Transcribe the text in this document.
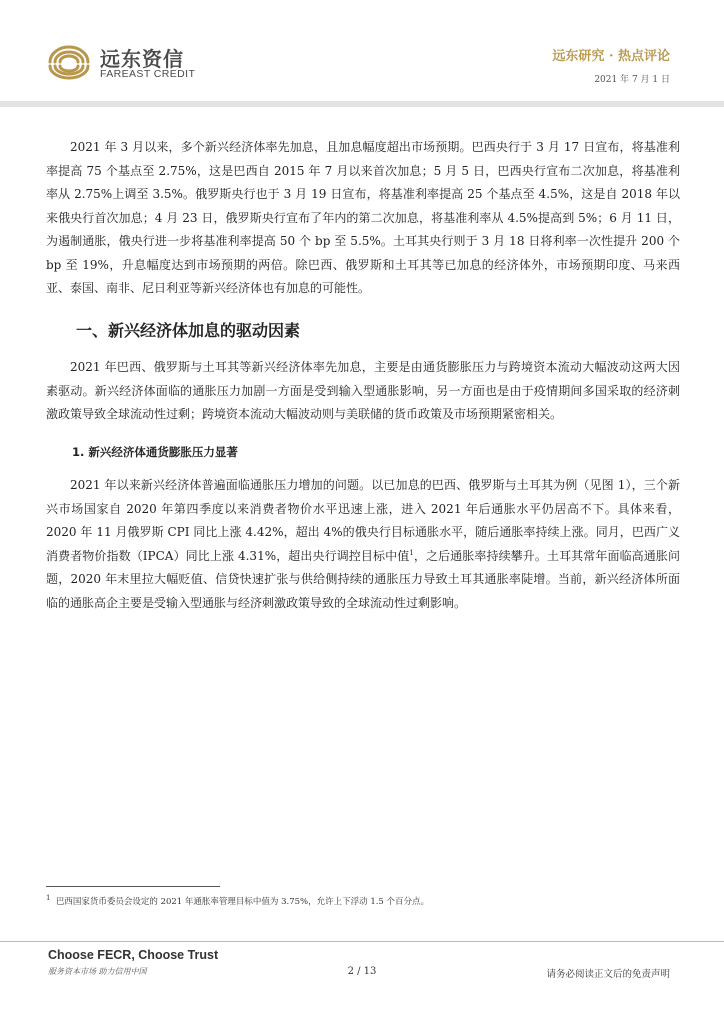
远东资信
FAREAST CREDIT
远东研究 · 热点评论
2021 年 7 月 1 日

2021 年 3 月以来，多个新兴经济体率先加息，且加息幅度超出市场预期。巴西央行于 3 月 17 日宣布，将基准利率提高 75 个基点至 2.75%，这是巴西自 2015 年 7 月以来首次加息；5 月 5 日，巴西央行宣布二次加息，将基准利率从 2.75%上调至 3.5%。俄罗斯央行也于 3 月 19 日宣布，将基准利率提高 25 个基点至 4.5%，这是自 2018 年以来俄央行首次加息；4 月 23 日，俄罗斯央行宣布了年内的第二次加息，将基准利率从 4.5%提高到 5%；6 月 11 日，为遏制通胀，俄央行进一步将基准利率提高 50 个 bp 至 5.5%。土耳其央行则于 3 月 18 日将利率一次性提升 200 个 bp 至 19%，升息幅度达到市场预期的两倍。除巴西、俄罗斯和土耳其等已加息的经济体外，市场预期印度、马来西亚、泰国、南非、尼日利亚等新兴经济体也有加息的可能性。

一、新兴经济体加息的驱动因素

2021 年巴西、俄罗斯与土耳其等新兴经济体率先加息，主要是由通货膨胀压力与跨境资本流动大幅波动这两大因素驱动。新兴经济体面临的通胀压力加剧一方面是受到输入型通胀影响，另一方面也是由于疫情期间多国采取的经济刺激政策导致全球流动性过剩；跨境资本流动大幅波动则与美联储的货币政策及市场预期紧密相关。

1. 新兴经济体通货膨胀压力显著

2021 年以来新兴经济体普遍面临通胀压力增加的问题。以已加息的巴西、俄罗斯与土耳其为例（见图 1），三个新兴市场国家自 2020 年第四季度以来消费者物价水平迅速上涨，进入 2021 年后通胀水平仍居高不下。具体来看，2020 年 11 月俄罗斯 CPI 同比上涨 4.42%，超出 4%的俄央行目标通胀水平，随后通胀率持续上涨。同月，巴西广义消费者物价指数（IPCA）同比上涨 4.31%，超出央行调控目标中值$^1$，之后通胀率持续攀升。土耳其常年面临高通胀问题，2020 年末里拉大幅贬值、信贷快速扩张与供给侧持续的通胀压力导致土耳其通胀率陡增。当前，新兴经济体所面临的通胀高企主要是受输入型通胀与经济刺激政策导致的全球流动性过剩影响。

$^1$ 巴西国家货币委员会设定的 2021 年通胀率管理目标中值为 3.75%，允许上下浮动 1.5 个百分点。
Choose FECR, Choose Trust
服务资本市场 助力信用中国	2 / 13	请务必阅读正文后的免责声明
